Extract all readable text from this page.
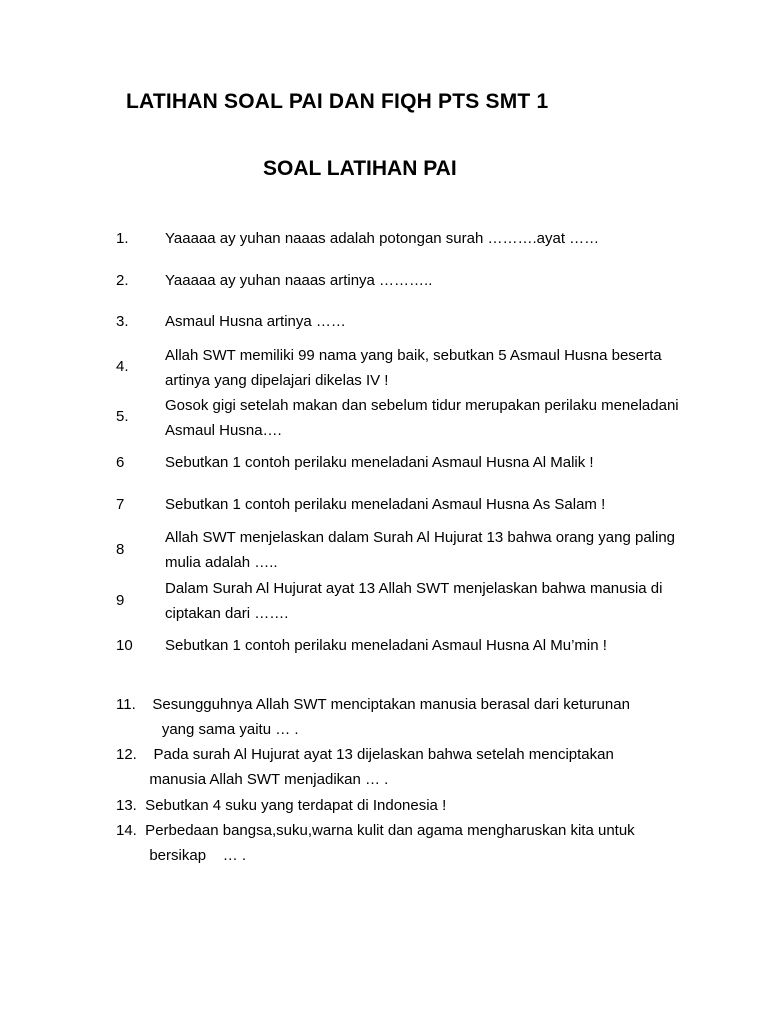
LATIHAN SOAL PAI DAN FIQH PTS SMT 1
SOAL LATIHAN PAI
1. Yaaaaa ay yuhan naaas adalah potongan surah ……….ayat ……
2. Yaaaaa ay yuhan naaas artinya ………..
3. Asmaul Husna artinya ……
4.
Allah SWT memiliki 99 nama yang baik, sebutkan 5 Asmaul Husna beserta
artinya yang dipelajari dikelas IV !
5.
Gosok gigi setelah makan dan sebelum tidur merupakan perilaku meneladani
Asmaul Husna….
6	Sebutkan 1 contoh perilaku meneladani Asmaul Husna Al Malik !
7	Sebutkan 1 contoh perilaku meneladani Asmaul Husna As Salam !
8
Allah SWT menjelaskan dalam Surah Al Hujurat 13 bahwa orang yang paling
mulia adalah …..
9
Dalam Surah Al Hujurat ayat 13 Allah SWT menjelaskan bahwa manusia di
ciptakan dari …….
10 Sebutkan 1 contoh perilaku meneladani Asmaul Husna Al Mu’min !
11.    Sesungguhnya Allah SWT menciptakan manusia berasal dari keturunan
yang sama yaitu … .
12.    Pada surah Al Hujurat ayat 13 dijelaskan bahwa setelah menciptakan
manusia Allah SWT menjadikan … .
13.  Sebutkan 4 suku yang terdapat di Indonesia !
14.  Perbedaan bangsa,suku,warna kulit dan agama mengharuskan kita untuk
bersikap    … .
